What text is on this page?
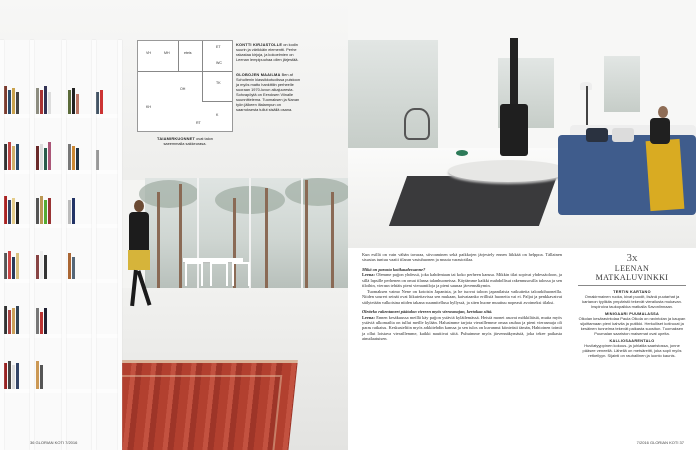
MH	eteis
ET
WC
TK
OH
K
RT
KH
VH
KONTTI KIRJASTOLLE on kodin suurin ja värikkäin elementti. Perhe rakastaa kirjoja, ja kokoelmien on Leenan lempipuuhaa ollen järjestää.
GLOBOJEN MAAILMA Ben af Schultenin klassikkotuolissa puistoon ja myös matto hankittiin perheelle suoraan 1970-luvun aikajuuresta. Sohvapöytä on Eeroksen Viinalle suunnittelema. Tuomaksen ja Nanan työn jälkeen iltalampun on saarroksesta tullut sisällä osana.
TAIAMIRKUONNET ovat talon saeemmalla sakkeurasa.
36 GLORIAN KOTI 7/2016

Kun esillä on vain vähän tavaraa, siivoaminen sekä paikkojen järjestely ennen liikkää on helppoa. Tällainen sisustus tuntuu vaatii tilaran vastuhuonen ja muuta varastotilaa.

Mikä on parasta kotikaudessanne?

Leena: Olemme pajjon yhdessä, joka kahdentaan tai koko perheen kanssa. Mikkin tilat sopivat yhdessäoloon, ja sillä lapsille perhenen on omat tilansa talanhuoneissa. Käytämme kaikki mahdollisut rakennusosilla talossa ja sen tiloihin, vierasn tehtäis pieni vieraantiloja ja pieni saunaa järvennäkymin.

Tuomaksen vaimo Nene on kotoisin Japanista, ja he tuovat taloon japanilaista vaikutteita taloarkihuoneilla. Niiden sourert seinät ovat liikutettavissa sen mukaan, kaivataanko erillisiä huoneita vai ei. Paljat ja penkkavatvat säilytetään valkoisina niiden takana suunnitellusa hyllyssä, ja siten huone muuttuu nopeasti avoimeksi tilaksi.

Oletteko rakentaneet päätalon viereen myös vierasmajan, kertokaa siitä.

Leena: Ennen kesäkuussa meillä käy pajjon ystäviä kyläilemässä. Heistä monet asuvat mökkiläisiä, mutta myös ystäviä ulkomailta on tullut meille kylään. Halusimme tarjota vieraillemme omaa rauhaa ja pieni vierasmaja oli paras ratkaisu. Keskusteltiin myös arkkitehdin kanssa ja sen tulos on kuvannut kiinteästi tämän, Hahtoinen toimii ja ollut loistava vieraillemme, kaikki nauttivat siitä. Puhuimme myös järvennäkymästä, joka tekee paikasta ainutlaatuisen.

3x
LEENAN MATKALUVINKKI
TERTIN KARTANO
Omakirmainen ruoka, kivat puodit, lisänä puutarhat ja kartanon tyylikäs ympäristö tekevät vierailusta mukavan. Inspiroiva taukopaikka matkalla Savonlinnaan.
MINIGAARI PUUMALASSA
Olkolan kesäravintolaa Paula Olkola on ravintolan ja kaupan sijoittamaan pieni kahvila ja putiikki. Herkulliset kotiruoat ja kesäinen tunnelma tekevät paikasta suositun. Tuomaksen Puumalan saariston maisemat ovat upeita.
KALLIOSAARENTALO
Huvilatyyppinen kokous- ja juhlatila saaristossa, jonne pääsee veneellä. Lähellä on metsäreitti, joka sopii myös retkeilyyn. Sijainti on rauhallinen ja luonto kaunis.
7/2016 GLORIAN KOTI 37
